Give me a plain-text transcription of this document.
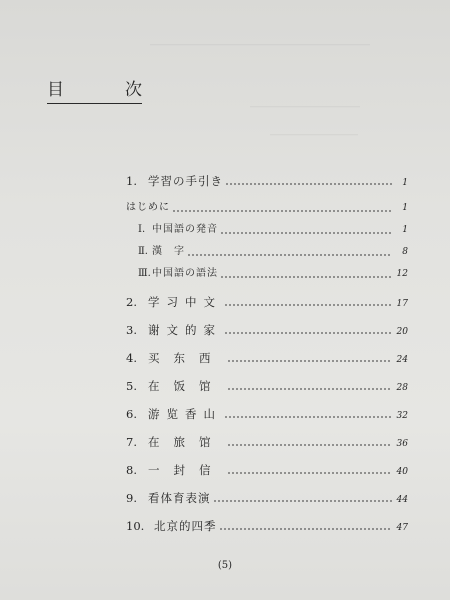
――――――――――――――――――――
――――――――――
――――――――
目	次
1. 学習の手引き	1
はじめに	1
Ⅰ. 中国語の発音	1
Ⅱ. 漢　字	8
Ⅲ. 中国語の語法	12
2. 学习中文	17
3. 谢文的家	20
4. 买东西	24
5. 在饭馆	28
6. 游览香山	32
7. 在旅馆	36
8. 一封信	40
9. 看体育表演	44
10. 北京的四季	47
(5)
